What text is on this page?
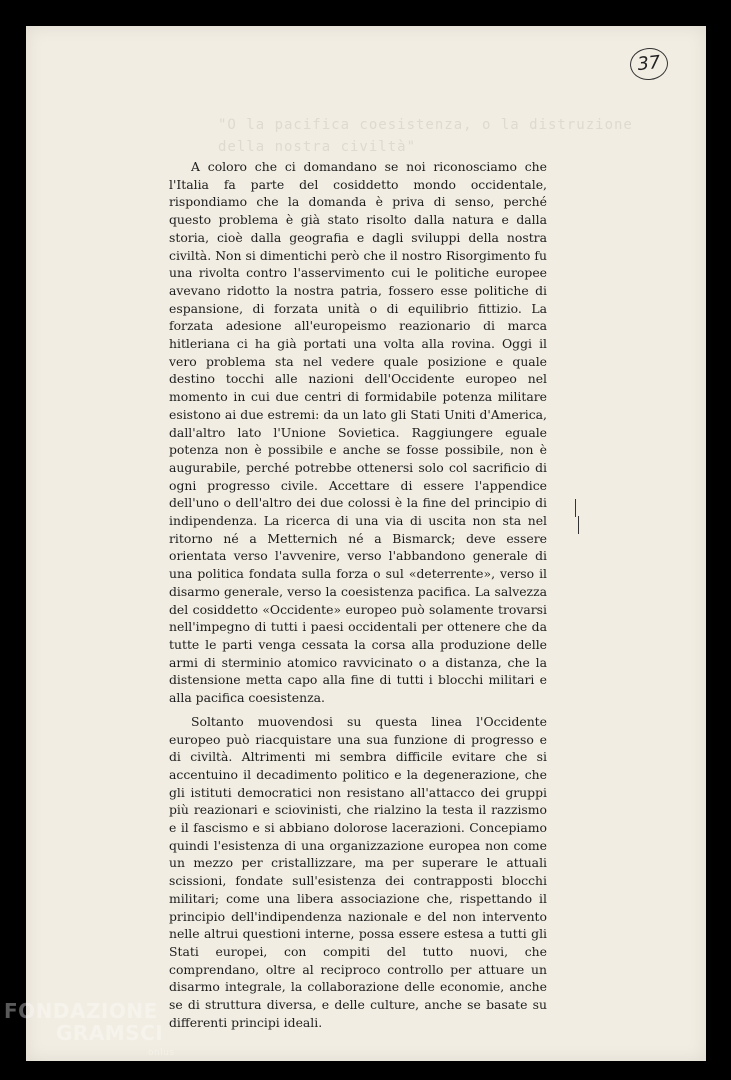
37
"O la pacifica coesistenza, o la distruzione
della nostra civiltà"

A coloro che ci domandano se noi riconosciamo che l'Italia fa parte del cosiddetto mondo occidentale, rispondiamo che la domanda è priva di senso, perché questo problema è già stato risolto dalla natura e dalla storia, cioè dalla geografia e dagli sviluppi della nostra civiltà. Non si dimentichi però che il nostro Risorgimento fu una rivolta contro l'asservimento cui le politiche europee avevano ridotto la nostra patria, fossero esse politiche di espansione, di forzata unità o di equilibrio fittizio. La forzata adesione all'europeismo reazionario di marca hitleriana ci ha già portati una volta alla rovina. Oggi il vero problema sta nel vedere quale posizione e quale destino tocchi alle nazioni dell'Occidente europeo nel momento in cui due centri di formidabile potenza militare esistono ai due estremi: da un lato gli Stati Uniti d'America, dall'altro lato l'Unione Sovietica. Raggiungere eguale potenza non è possibile e anche se fosse possibile, non è augurabile, perché potrebbe ottenersi solo col sacrificio di ogni progresso civile. Accettare di essere l'appendice dell'uno o dell'altro dei due colossi è la fine del principio di indipendenza. La ricerca di una via di uscita non sta nel ritorno né a Metternich né a Bismarck; deve essere orientata verso l'avvenire, verso l'abbandono generale di una politica fondata sulla forza o sul «deterrente», verso il disarmo generale, verso la coesistenza pacifica. La salvezza del cosiddetto «Occidente» europeo può solamente trovarsi nell'impegno di tutti i paesi occidentali per ottenere che da tutte le parti venga cessata la corsa alla produzione delle armi di sterminio atomico ravvicinato o a distanza, che la distensione metta capo alla fine di tutti i blocchi militari e alla pacifica coesistenza.

Soltanto muovendosi su questa linea l'Occidente europeo può riacquistare una sua funzione di progresso e di civiltà. Altrimenti mi sembra difficile evitare che si accentuino il decadimento politico e la degenerazione, che gli istituti democratici non resistano all'attacco dei gruppi più reazionari e sciovinisti, che rialzino la testa il razzismo e il fascismo e si abbiano dolorose lacerazioni. Concepiamo quindi l'esistenza di una organizzazione europea non come un mezzo per cristallizzare, ma per superare le attuali scissioni, fondate sull'esistenza dei contrapposti blocchi militari; come una libera associazione che, rispettando il principio dell'indipendenza nazionale e del non intervento nelle altrui questioni interne, possa essere estesa a tutti gli Stati europei, con compiti del tutto nuovi, che comprendano, oltre al reciproco controllo per attuare un disarmo integrale, la collaborazione delle economie, anche se di struttura diversa, e delle culture, anche se basate su differenti principi ideali.

FONDAZIONE
GRAMSCI
onlus
